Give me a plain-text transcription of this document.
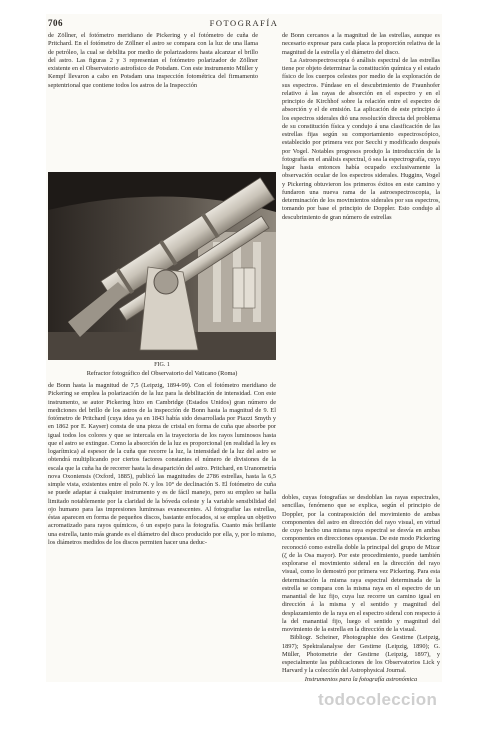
706	FOTOGRAFÍA

de Zöllner, el fotómetro meridiano de Pickering y el fotómetro de cuña de Pritchard. En el fotómetro de Zöllner el astro se compara con la luz de una llama de petróleo, la cual se debilita por medio de polarizadores hasta alcanzar el brillo del astro. Las figuras 2 y 3 representan el fotómetro polarizador de Zöllner existente en el Observatorio astrofísico de Potsdam. Con este instrumento Müller y Kempf llevaron a cabo en Potsdam una inspección fotométrica del firmamento septentrional que contiene todos los astros de la Inspección

de Bonn cercanos a la magnitud de las estrellas, aunque es necesario expresar para cada placa la proporción relativa de la magnitud de la estrella y el diámetro del disco.

La Astroespectroscopia ó análisis espectral de las estrellas tiene por objeto determinar la constitución química y el estado físico de los cuerpos celestes por medio de la exploración de sus espectros. Fúndase en el descubrimiento de Fraunhofer relativo á las rayas de absorción en el espectro y en el principio de Kirchhof sobre la relación entre el espectro de absorción y el de emisión. La aplicación de este principio á los espectros siderales dió una resolución directa del problema de su constitución física y condujo á una clasificación de las estrellas fijas según su comportamiento espectroscópico, establecido por primera vez por Secchi y modificado después por Vogel. Notables progresos produjo la introducción de la fotografía en el análisis espectral, ó sea la espectrografía, cuyo lugar hasta entonces había ocupado exclusivamente la observación ocular de los espectros siderales. Huggins, Vogel y Pickering obtuvieron los primeros éxitos en este camino y fundaron una nueva rama de la astroespectroscopia, la determinación de los movimientos siderales por sus espectros, tomando por base el principio de Doppler. Esto condujo al descubrimiento de gran número de estrellas

FIG. 1
Refractor fotográfico del Observatorio del Vaticano (Roma)

de Bonn hasta la magnitud de 7,5 (Leipzig, 1894-99). Con el fotómetro meridiano de Pickering se emplea la polarización de la luz para la debilitación de intensidad. Con este instrumento, se autor Pickering hizo en Cambridge (Estados Unidos) gran número de mediciones del brillo de los astros de la inspección de Bonn hasta la magnitud de 9. El fotómetro de Pritchard (cuya idea ya en 1843 había sido desarrollada por Piazzi Smyth y en 1862 por E. Kayser) consta de una pieza de cristal en forma de cuña que absorbe por igual todos los colores y que se intercala en la trayectoria de los rayos luminosos hasta que el astro se extingue. Como la absorción de la luz es proporcional (en realidad la ley es logarítmica) al espesor de la cuña que recorre la luz, la intensidad de la luz del astro se obtendrá multiplicando por ciertos factores constantes el número de divisiones de la escala que la cuña ha de recorrer hasta la desaparición del astro. Pritchard, en Uranometría nova Oxoniensis (Oxford, 1885), publicó las magnitudes de 2786 estrellas, hasta la 6,5 simple vista, existentes entre el polo N. y los 10° de declinación S. El fotómetro de cuña se puede adaptar á cualquier instrumento y es de fácil manejo, pero su empleo se halla limitado notablemente por la claridad de la bóveda celeste y la variable sensibilidad del ojo humano para las impresiones luminosas evanescentes. Al fotografiar las estrellas, éstas aparecen en forma de pequeños discos, bastante enfocados, si se emplea un objetivo acromatizado para rayos químicos, ó un espejo para la fotografía. Cuanto más brillante una estrella, tanto más grande es el diámetro del disco producido por ella, y, por lo mismo, los diámetros medidos de los discos permiten hacer una deduc-

dobles, cuyas fotografías se desdoblan las rayas espectrales, sencillas, fenómeno que se explica, según el principio de Doppler, por la contraposición del movimiento de ambas componentes del astro en dirección del rayo visual, en virtud de cuyo hecho una misma raya espectral se desvía en ambas componentes en direcciones opuestas. De este modo Pickering reconoció como estrella doble la principal del grupo de Mizar (ζ de la Osa mayor). Por este procedimiento, puede también explorarse el movimiento sideral en la dirección del rayo visual, como lo demostró por primera vez Pickering. Para esta determinación la misma raya espectral determinada de la estrella se compara con la misma raya en el espectro de un manantial de luz fijo, cuya luz recorre un camino igual en dirección á la misma y el sentido y magnitud del desplazamiento de la raya en el espectro sideral con respecto á la del manantial fijo, luego el sentido y magnitud del movimiento de la estrella en la dirección de la visual.

Bibliogr. Scheiner, Photographie des Gestirne (Leipzig, 1897); Spektralanalyse der Gestirne (Leipzig, 1890); G. Müller, Photometrie der Gestirne (Leipzig, 1897), y especialmente las publicaciones de los Observatorios Lick y Harvard y la colección del Astrophysical Journal.

Instrumentos para la fotografía astronómica

todocoleccion
